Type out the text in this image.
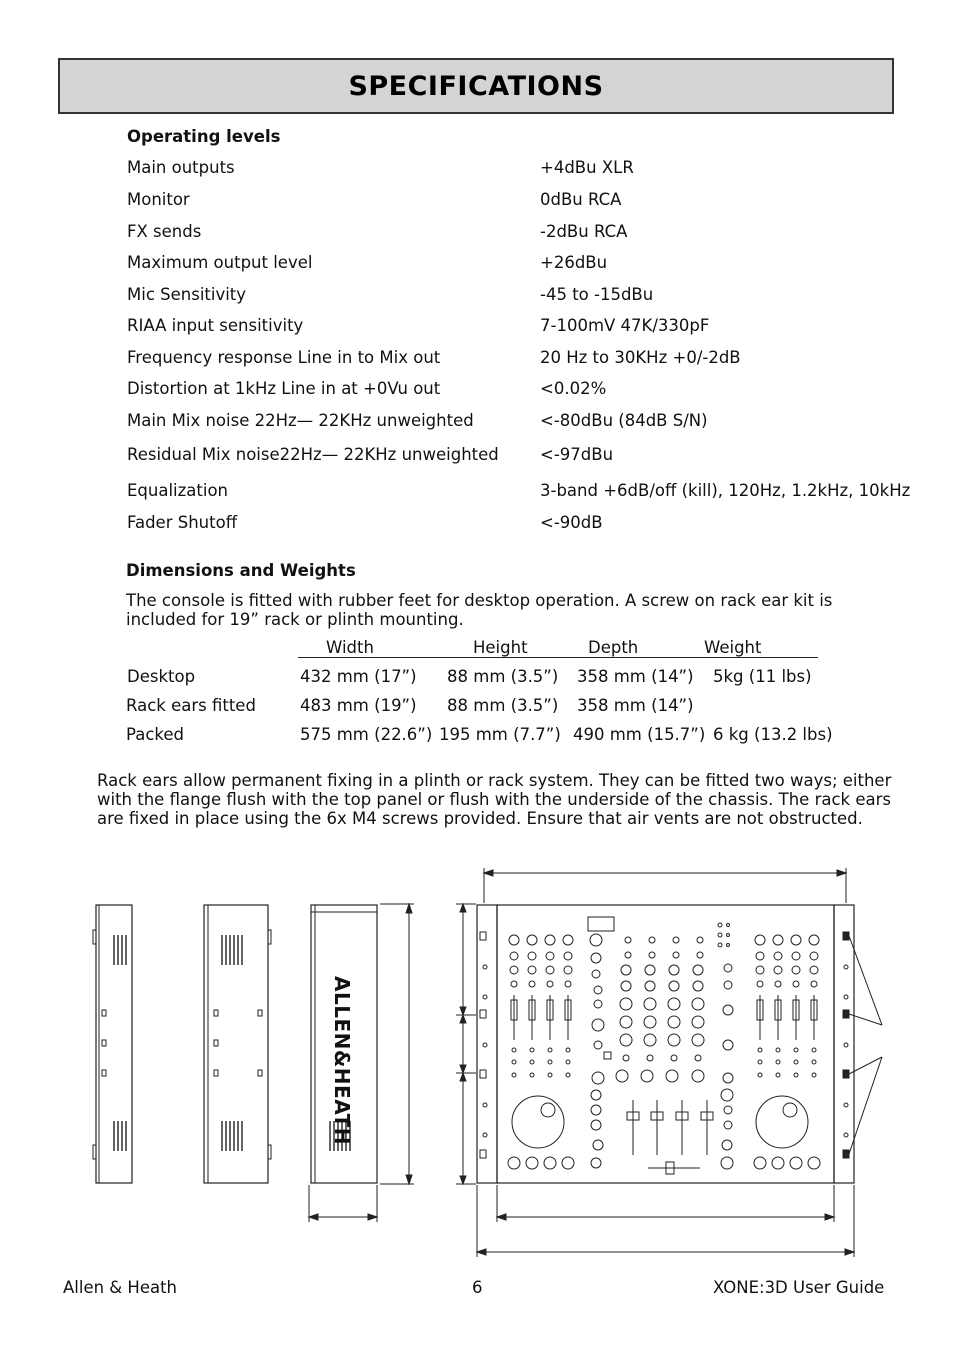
SPECIFICATIONS
Operating levels
Main outputs	+4dBu XLR
Monitor	0dBu RCA
FX sends	-2dBu RCA
Maximum output level	+26dBu
Mic Sensitivity	-45 to -15dBu
RIAA input sensitivity	7-100mV 47K/330pF
Frequency response Line in to Mix out	20 Hz to 30KHz +0/-2dB
Distortion at 1kHz Line in at +0Vu out	<0.02%
Main Mix noise 22Hz— 22KHz unweighted	<-80dBu (84dB S/N)
Residual Mix noise22Hz— 22KHz unweighted	<-97dBu
Equalization	3-band +6dB/off (kill), 120Hz, 1.2kHz, 10kHz
Fader Shutoff	<-90dB
Dimensions and Weights
The console is fitted with rubber feet for desktop operation. A screw on rack ear kit is
included for 19” rack or plinth mounting.
Width	Height	Depth	Weight
Desktop	432 mm (17”) 88 mm (3.5”) 358 mm (14”) 5kg (11 lbs)
Rack ears fitted	483 mm (19”) 88 mm (3.5”) 358 mm (14”)
Packed	575 mm (22.6”) 195 mm (7.7”) 490 mm (15.7”) 6 kg (13.2 lbs)
Rack ears allow permanent fixing in a plinth or rack system. They can be fitted two ways; either
with the flange flush with the top panel or flush with the underside of the chassis. The rack ears
are fixed in place using the 6x M4 screws provided. Ensure that air vents are not obstructed.
ALLEN&HEATH
Allen & Heath	6	XONE:3D User Guide
